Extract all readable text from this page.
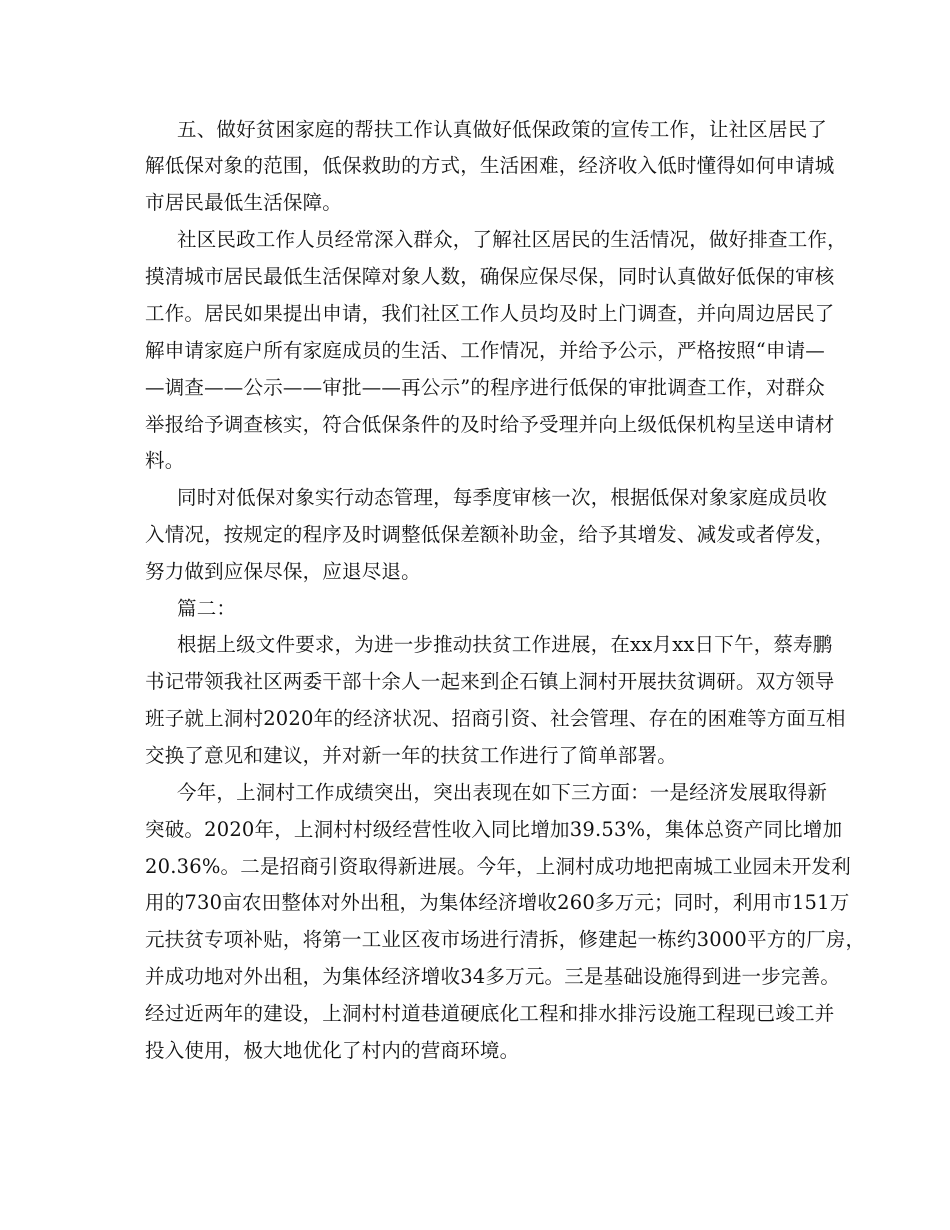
五、做好贫困家庭的帮扶工作认真做好低保政策的宣传工作，让社区居民了
解低保对象的范围，低保救助的方式，生活困难，经济收入低时懂得如何申请城
市居民最低生活保障。
社区民政工作人员经常深入群众，了解社区居民的生活情况，做好排查工作，
摸清城市居民最低生活保障对象人数，确保应保尽保，同时认真做好低保的审核
工作。居民如果提出申请，我们社区工作人员均及时上门调查，并向周边居民了
解申请家庭户所有家庭成员的生活、工作情况，并给予公示，严格按照“申请—
—调查——公示——审批——再公示”的程序进行低保的审批调查工作，对群众
举报给予调查核实，符合低保条件的及时给予受理并向上级低保机构呈送申请材
料。
同时对低保对象实行动态管理，每季度审核一次，根据低保对象家庭成员收
入情况，按规定的程序及时调整低保差额补助金，给予其增发、减发或者停发，
努力做到应保尽保，应退尽退。
篇二：
根据上级文件要求，为进一步推动扶贫工作进展，在xx月xx日下午，蔡寿鹏
书记带领我社区两委干部十余人一起来到企石镇上洞村开展扶贫调研。双方领导
班子就上洞村2020年的经济状况、招商引资、社会管理、存在的困难等方面互相
交换了意见和建议，并对新一年的扶贫工作进行了简单部署。
今年，上洞村工作成绩突出，突出表现在如下三方面：一是经济发展取得新
突破。2020年，上洞村村级经营性收入同比增加39.53%，集体总资产同比增加
20.36%。二是招商引资取得新进展。今年，上洞村成功地把南城工业园未开发利
用的730亩农田整体对外出租，为集体经济增收260多万元；同时，利用市151万
元扶贫专项补贴，将第一工业区夜市场进行清拆，修建起一栋约3000平方的厂房，
并成功地对外出租，为集体经济增收34多万元。三是基础设施得到进一步完善。
经过近两年的建设，上洞村村道巷道硬底化工程和排水排污设施工程现已竣工并
投入使用，极大地优化了村内的营商环境。
